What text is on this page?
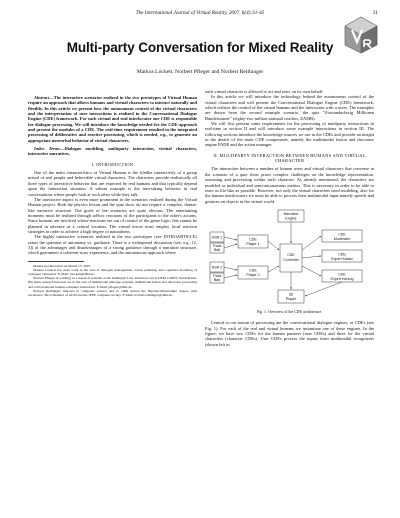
The International Journal of Virtual Reality, 2007, 6(4):31-42	31
Multi-party Conversation for Mixed Reality
Markus Löckelt, Norbert Pfleger and Norbert Reithinger

Abstract—The interactive scenarios realized in the two prototypes of Virtual Human require an approach that allows humans and virtual characters to interact naturally and flexibly. In this article we present how the autonomous control of the virtual characters and the interpretation of user interactions is realized in the Conversational Dialogue Engine (CDE) framework. For each virtual and real interlocutor one CDE is responsible for dialogue processing. We will introduce the knowledge needed for the CDE-approach and present the modules of a CDE. The real-time requirement resulted in the integrated processing of deliberative and reactive processing, which is needed, e.g., to generate an appropriate nonverbal behavior of virtual characters.

Index Terms—Dialogue modeling, multiparty interaction, virtual characters, interactive narratives.

I. INTRODUCTION

One of the main characteristics of Virtual Human is the lifelike interactivity of a group mixed of real people and believable virtual characters. The characters provide realistically all three types of interactive behavior that are expected by real humans and that typically depend upon the interaction situation. A salient example is the turn-taking behavior in real conversations where people look at each other while they talk.

The interactive aspect is even more prominent in the scenarios realized during the Virtual Human project. Both the physics lesson and the quiz show do not require a complex, drama-like narrative structure. The goals of the scenarios are quite obvious. The entertaining moments must be realized through ad-hoc reactions of the participants to the other's actions. Since humans are involved whose reactions are out of control of the game logic, this cannot be planned in advance at a central location. The virtual actors must employ local reaction strategies in order to achieve a high degree of naturalness.

The highly interactive scenarios realized in the two prototypes (see INTROARTICLE) raises the question of autonomy vs. guidance. There is a widespread discussion (see, e.g., [2, 3]) of the advantages and disadvantages of a strong guidance through a narration structure, which guarantees a coherent story experience, and the autonomous approach where

Manuscript Received on March 15, 2007.

Markus Löckelt has done work in the area of dialogue management, action planning, and cognitive modeling of computer characters. E-Mail: loeckelt@dfki.de.

Norbert Pfleger is working as a research scientist at the Intelligent User Interfaces lab at DFKI GmbH, Saarbrücken. His main research interests are in the area of multimodal dialogue systems, multimodal fusion and discourse processing and conversational human-computer interaction. E-Mail: pfleger@dfki.de.

Norbert Reithinger majored in computer science and in 1989 earned his Diplom-Informatiker degree with excellence. He is member of ACM and the IEEE computer society. E-Mail: norbert.reithinger@dfki.de.

each virtual character is allowed to act and react on its own behalf.

In this article we will introduce the technology behind the autonomous control of the virtual characters and will present the Conversational Dialogue Engine (CDE) framework, which realizes the control of the virtual humans and the interaction with a users. The examples are drawn from the second example scenario, the quiz "Zweiundachtzig Millionen Bundestrainer" (eighty-two million national coaches, ZAMB).

We will first present some requirements for the processing of multiparty interactions in real-time in section II and will introduce some example interactions in section III. The following sections introduce the knowledge sources we use in the CDEs and provide an insight in the details of the main CDE components, namely the multimodal fusion and discourse engine FADE and the action manager.

II. MULTIPARTY INTERACTION BETWEEN HUMANS AND VIRTUAL CHARACTER

The interaction between a number of human users and virtual characters that converse in the scenario of a quiz show poses complex challenges on the knowledge representation, reasoning and processing within each character. As already mentioned, the characters are modeled as individual and semi-autonomous entities. This is necessary in order to be able to react as life-like as possible. However, not only the virtual characters need modeling, also for the human interlocutors we must be able to process their multimodal input-namely speech and gestures on objects in the virtual world.

Narration
Engine
ASR 1
Track
Ball
ASR 2
Track
Ball
CDE
Player 1
CDE
Player 2
CDE
Controller
CDE
Moderator
CDE
Expert Kaiser
CDE
Expert Herzog
3D
Player
Fig. 1. Overview of the CDE architecture.

Central to our notion of processing are the conversational dialogue engines, or CDEs (see Fig. 1). For each of the real and virtual humans we instantiate one of these engines. In the figure, we have two CDEs for the human partners (user CDEs) and three for the virtual characters (character CDEs). User CDEs process the inputs from multimodal recognizers (shown left in
